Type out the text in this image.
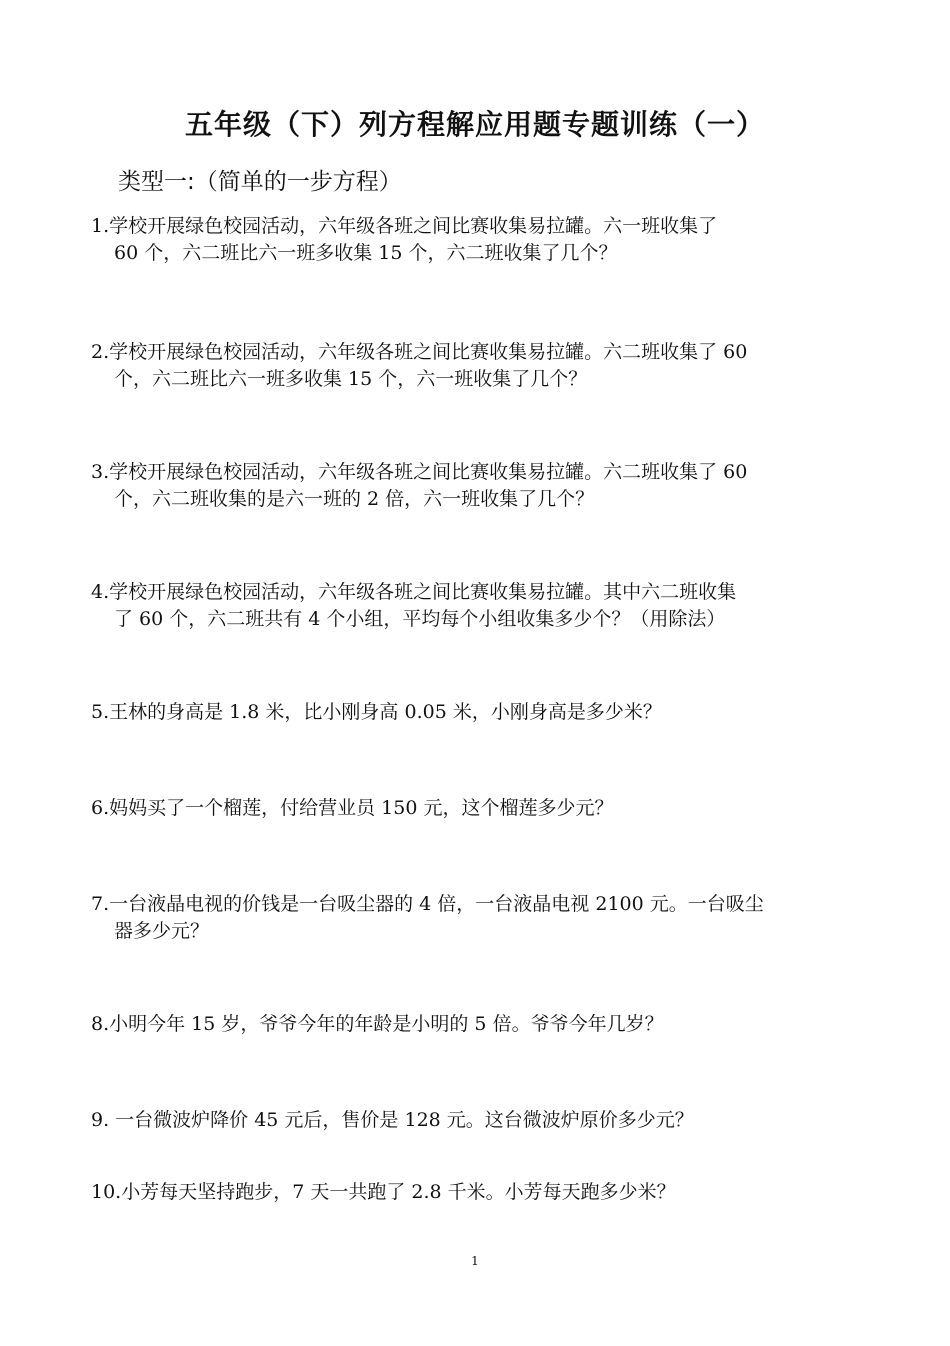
五年级（下）列方程解应用题专题训练（一）
类型一:（简单的一步方程）
1.学校开展绿色校园活动，六年级各班之间比赛收集易拉罐。六一班收集了
60 个，六二班比六一班多收集 15 个，六二班收集了几个？
2.学校开展绿色校园活动，六年级各班之间比赛收集易拉罐。六二班收集了 60
个，六二班比六一班多收集 15 个，六一班收集了几个？
3.学校开展绿色校园活动，六年级各班之间比赛收集易拉罐。六二班收集了 60
个，六二班收集的是六一班的 2 倍，六一班收集了几个？
4.学校开展绿色校园活动，六年级各班之间比赛收集易拉罐。其中六二班收集
了 60 个，六二班共有 4 个小组，平均每个小组收集多少个？（用除法）
5.王林的身高是 1.8 米，比小刚身高 0.05 米，小刚身高是多少米？
6.妈妈买了一个榴莲，付给营业员 150 元，这个榴莲多少元？
7.一台液晶电视的价钱是一台吸尘器的 4 倍，一台液晶电视 2100 元。一台吸尘
器多少元？
8.小明今年 15 岁，爷爷今年的年龄是小明的 5 倍。爷爷今年几岁？
9. 一台微波炉降价 45 元后，售价是 128 元。这台微波炉原价多少元？
10.小芳每天坚持跑步，7 天一共跑了 2.8 千米。小芳每天跑多少米？
1
